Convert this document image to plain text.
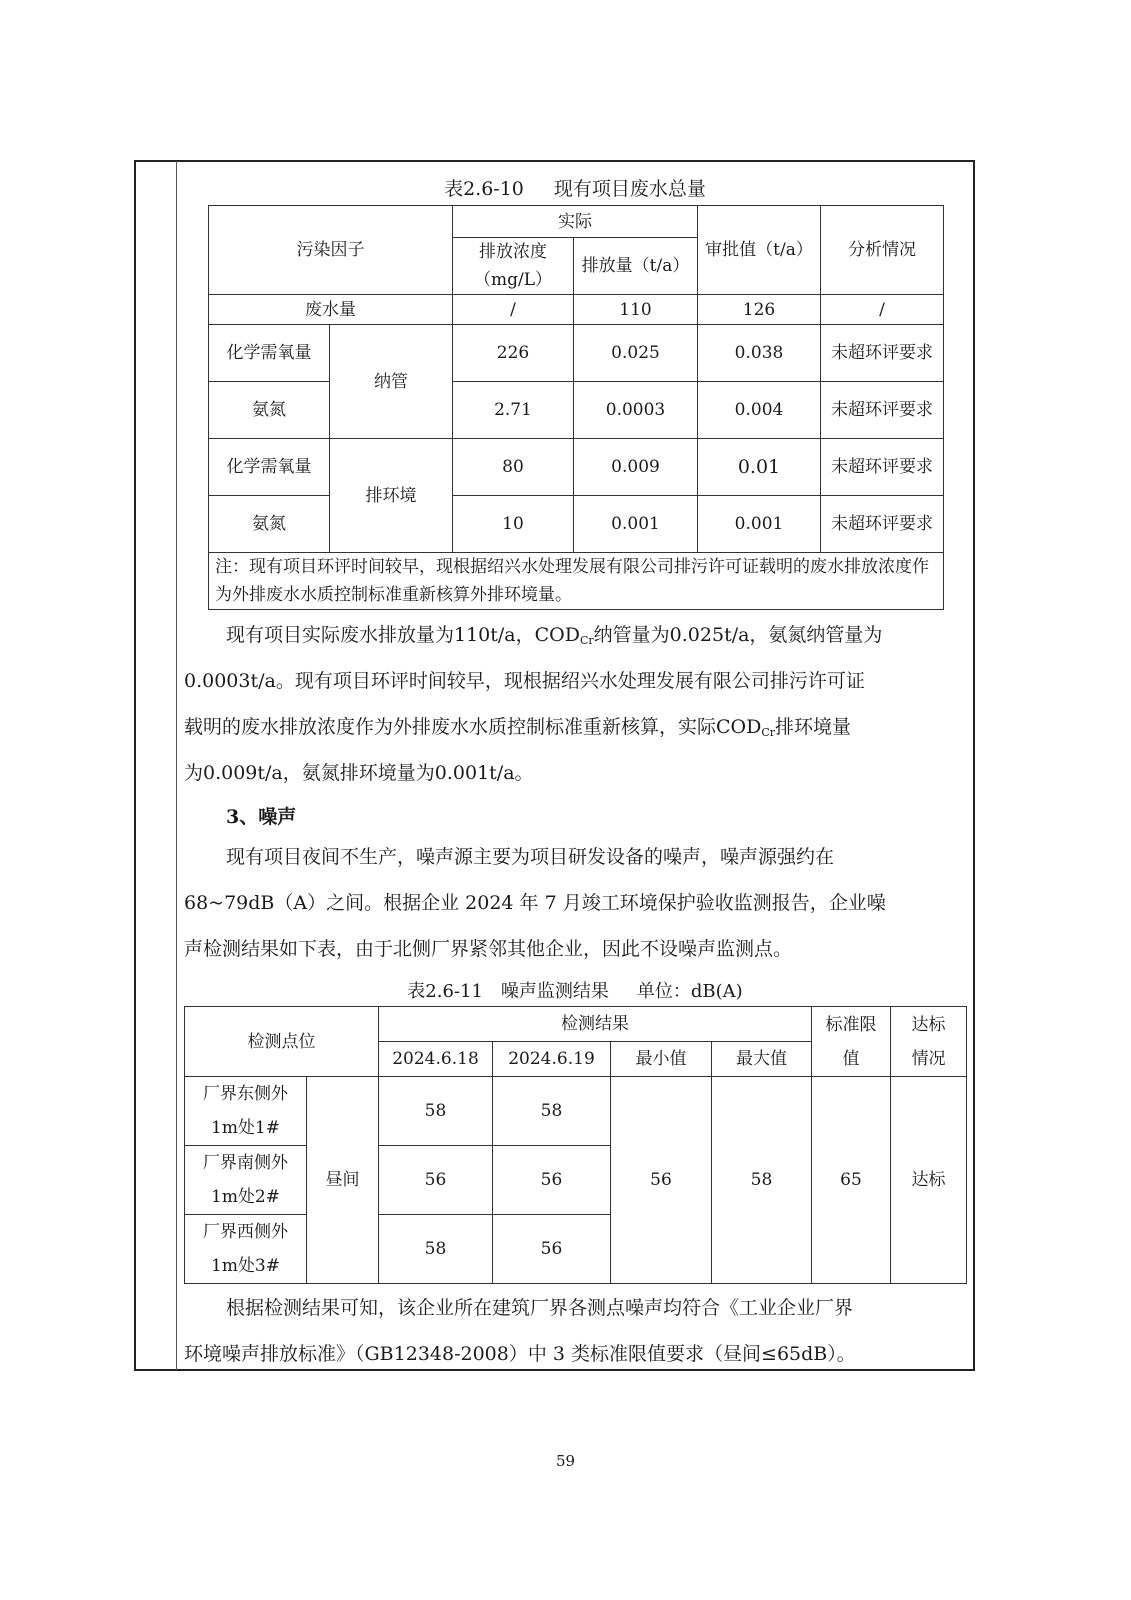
表2.6-10 现有项目废水总量
污染因子		实际		审批值（t/a）	分析情况
		排放浓度（mg/L）	排放量（t/a）		
废水量		/	110	126	/
化学需氧量	纳管	226	0.025	0.038	未超环评要求
氨氮		2.71	0.0003	0.004	未超环评要求
化学需氧量	排环境	80	0.009	0.01	未超环评要求
氨氮		10	0.001	0.001	未超环评要求
注：现有项目环评时间较早，现根据绍兴水处理发展有限公司排污许可证载明的废水排放浓度作为外排废水水质控制标准重新核算外排环境量。					
现有项目实际废水排放量为110t/a，$COD_{Cr}$纳管量为0.025t/a，氨氮纳管量为
0.0003t/a。现有项目环评时间较早，现根据绍兴水处理发展有限公司排污许可证
载明的废水排放浓度作为外排废水水质控制标准重新核算，实际$COD_{Cr}$排环境量
为0.009t/a，氨氮排环境量为0.001t/a。
3、噪声
现有项目夜间不生产，噪声源主要为项目研发设备的噪声，噪声源强约在
68~79dB（A）之间。根据企业 2024 年 7 月竣工环境保护验收监测报告，企业噪
声检测结果如下表，由于北侧厂界紧邻其他企业，因此不设噪声监测点。
表2.6-11 噪声监测结果 单位：dB(A)
检测点位		检测结果				标准限值	达标情况
		2024.6.18	2024.6.19	最小值	最大值		
厂界东侧外1m处1#	昼间	58	58	56	58	65	达标
厂界南侧外1m处2#		56	56				
厂界西侧外1m处3#		58	56				
根据检测结果可知，该企业所在建筑厂界各测点噪声均符合《工业企业厂界
环境噪声排放标准》（GB12348-2008）中 3 类标准限值要求（昼间≤65dB）。
59
